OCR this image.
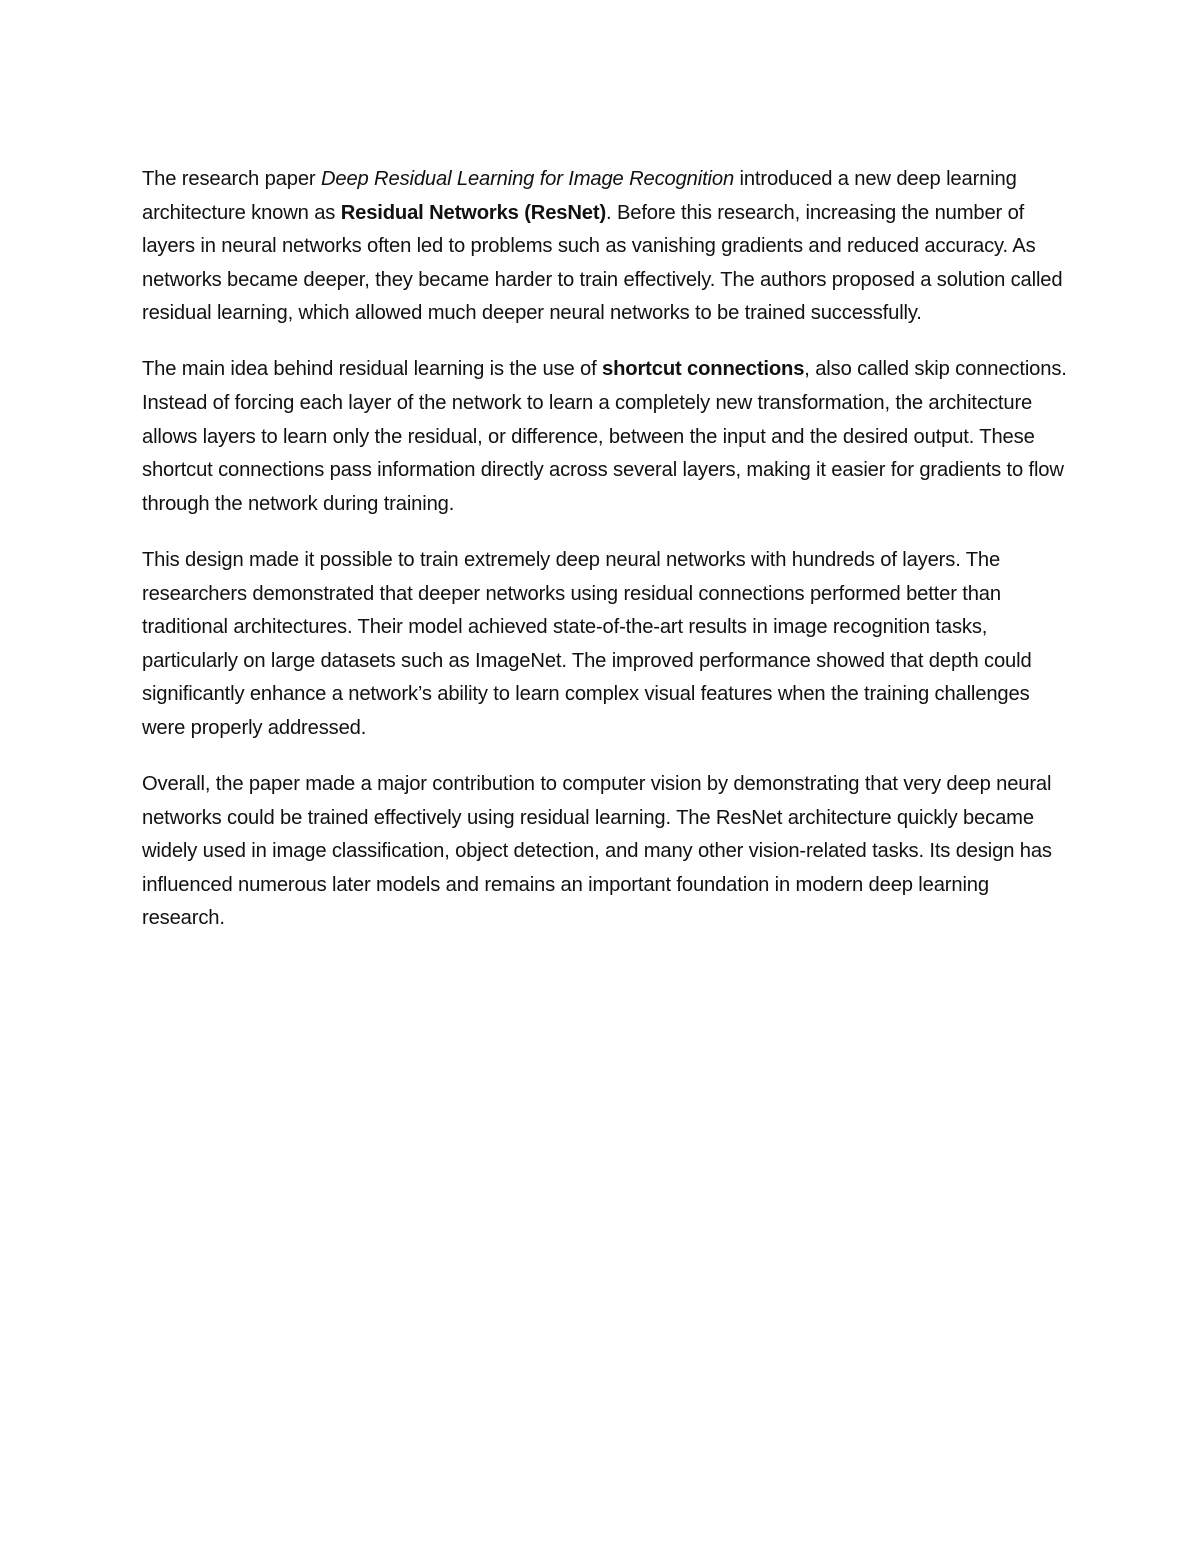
The research paper Deep Residual Learning for Image Recognition introduced a new deep learning architecture known as Residual Networks (ResNet). Before this research, increasing the number of layers in neural networks often led to problems such as vanishing gradients and reduced accuracy. As networks became deeper, they became harder to train effectively. The authors proposed a solution called residual learning, which allowed much deeper neural networks to be trained successfully.

The main idea behind residual learning is the use of shortcut connections, also called skip connections. Instead of forcing each layer of the network to learn a completely new transformation, the architecture allows layers to learn only the residual, or difference, between the input and the desired output. These shortcut connections pass information directly across several layers, making it easier for gradients to flow through the network during training.

This design made it possible to train extremely deep neural networks with hundreds of layers. The researchers demonstrated that deeper networks using residual connections performed better than traditional architectures. Their model achieved state-of-the-art results in image recognition tasks, particularly on large datasets such as ImageNet. The improved performance showed that depth could significantly enhance a network’s ability to learn complex visual features when the training challenges were properly addressed.

Overall, the paper made a major contribution to computer vision by demonstrating that very deep neural networks could be trained effectively using residual learning. The ResNet architecture quickly became widely used in image classification, object detection, and many other vision-related tasks. Its design has influenced numerous later models and remains an important foundation in modern deep learning research.
